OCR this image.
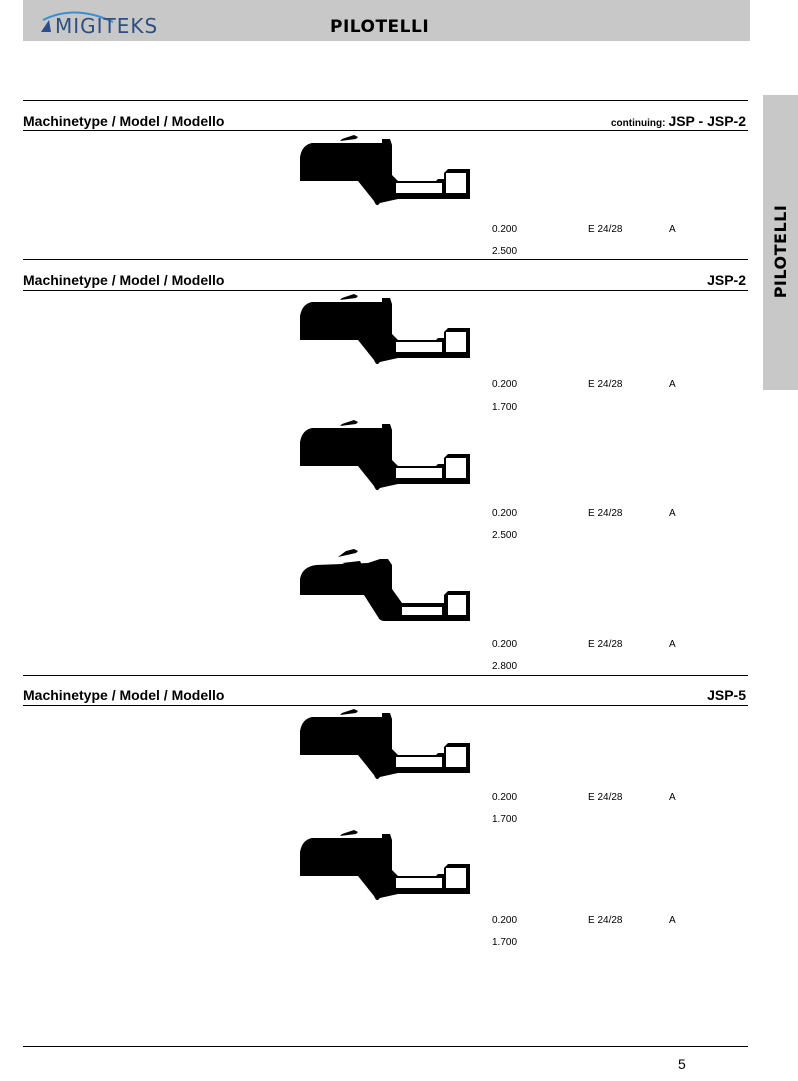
MIGITEKS	PILOTELLI
PILOTELLI
Machinetype / Model / Modello	continuing: JSP - JSP-2
0.200	E 24/28	A
2.500
Machinetype / Model / Modello	JSP-2
0.200	E 24/28	A
1.700
0.200	E 24/28	A
2.500
0.200	E 24/28	A
2.800
Machinetype / Model / Modello	JSP-5
0.200	E 24/28	A
1.700
0.200	E 24/28	A
1.700
5
